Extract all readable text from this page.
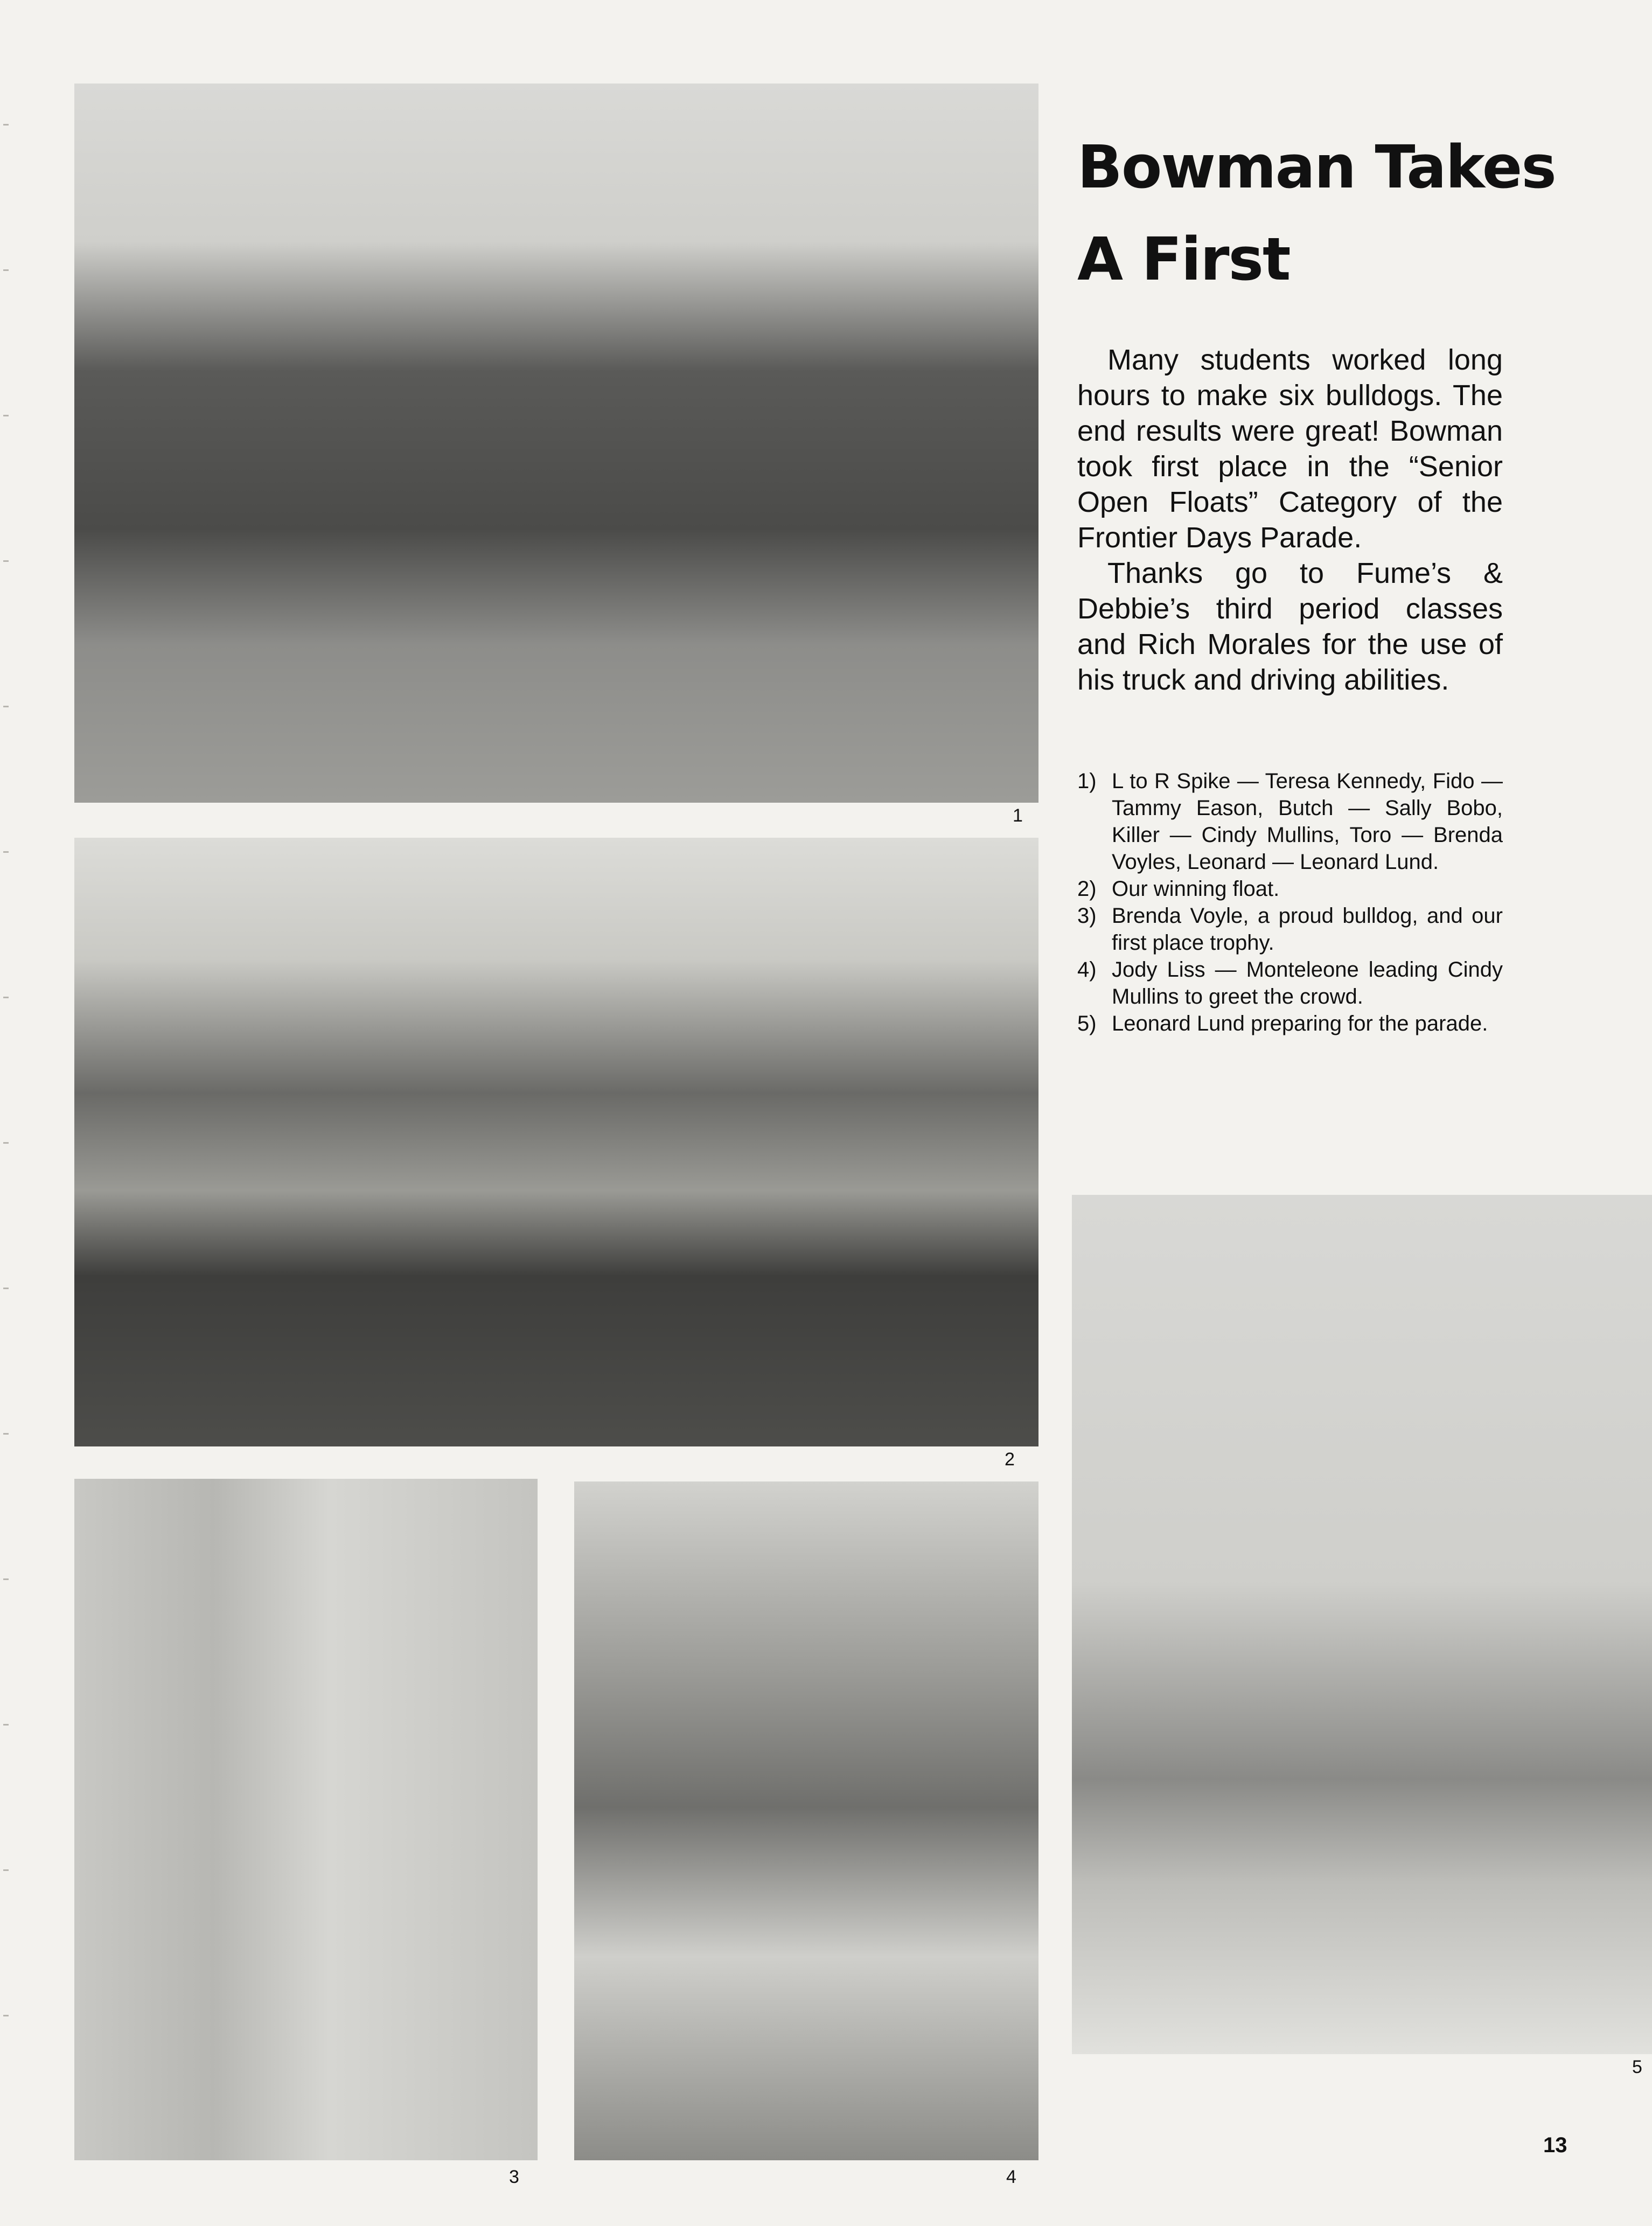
1
2
3	4
5
Bowman Takes
A First

Many students worked long hours to make six bulldogs. The end results were great! Bowman took first place in the “Senior Open Floats” Category of the Frontier Days Parade.

Thanks go to Fume’s & Debbie’s third period classes and Rich Morales for the use of his truck and driving abilities.

1) L to R Spike — Teresa Kennedy, Fido — Tammy Eason, Butch — Sally Bobo, Killer — Cindy Mullins, Toro — Brenda Voyles, Leonard — Leonard Lund.
2) Our winning float.
3) Brenda Voyle, a proud bulldog, and our first place trophy.
4) Jody Liss — Monteleone leading Cindy Mullins to greet the crowd.
5) Leonard Lund preparing for the parade.
13
